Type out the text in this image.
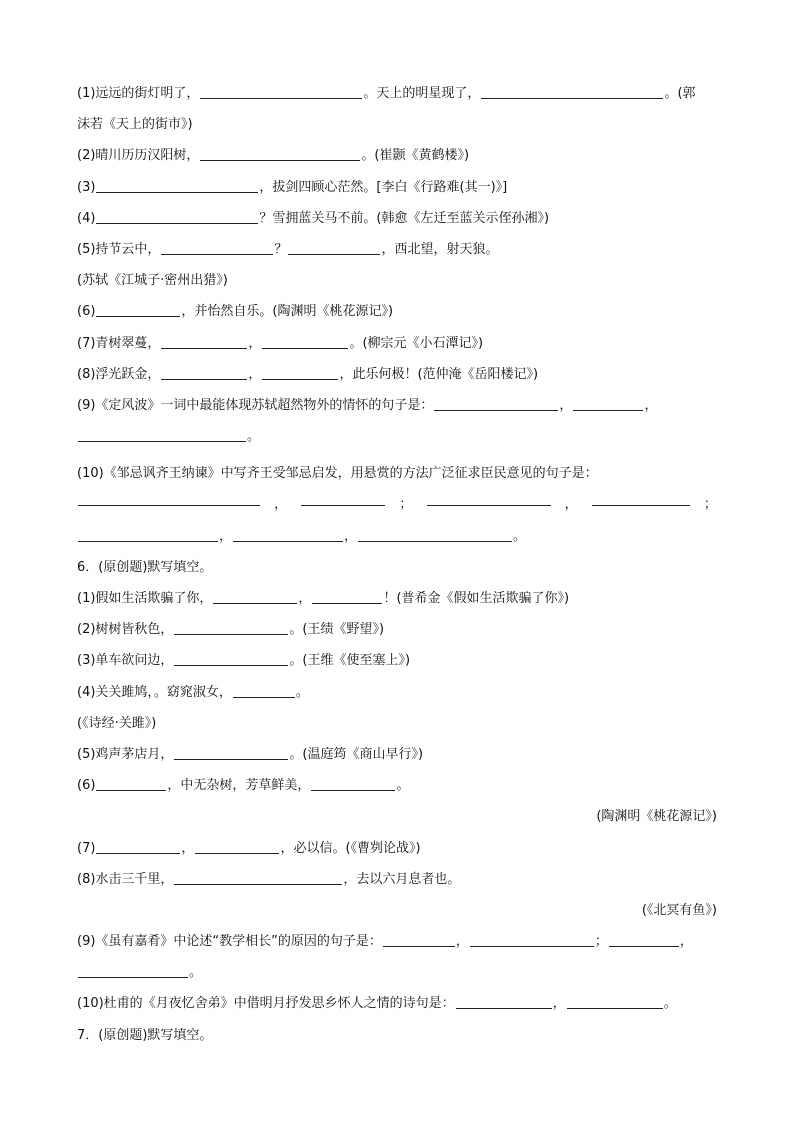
(1)远远的街灯明了，	。天上的明星现了，	。(郭
沫若《天上的街市》)
(2)晴川历历汉阳树，	。(崔颢《黄鹤楼》)
(3)	，拔剑四顾心茫然。[李白《行路难(其一)》]
(4)	？雪拥蓝关马不前。(韩愈《左迁至蓝关示侄孙湘》)
(5)持节云中，	？	，西北望，射天狼。
(苏轼《江城子·密州出猎》)
(6)	，并怡然自乐。(陶渊明《桃花源记》)
(7)青树翠蔓，	，	。(柳宗元《小石潭记》)
(8)浮光跃金，	，	，此乐何极！(范仲淹《岳阳楼记》)
(9)《定风波》一词中最能体现苏轼超然物外的情怀的句子是：	，	，
。
(10)《邹忌讽齐王纳谏》中写齐王受邹忌启发，用悬赏的方法广泛征求臣民意见的句子是：
，	；	，	；
，	，	。
6．(原创题)默写填空。
(1)假如生活欺骗了你，	，	！(普希金《假如生活欺骗了你》)
(2)树树皆秋色，	。(王绩《野望》)
(3)单车欲问边，	。(王维《使至塞上》)
(4)关关雎鸠，。窈窕淑女，	。
(《诗经·关雎》)
(5)鸡声茅店月，	。(温庭筠《商山早行》)
(6)	，中无杂树，芳草鲜美，	。
(陶渊明《桃花源记》)
(7)	，	，必以信。(《曹刿论战》)
(8)水击三千里，	，去以六月息者也。
(《北冥有鱼》)
(9)《虽有嘉肴》中论述“教学相长”的原因的句子是：	，	；	，
。
(10)杜甫的《月夜忆舍弟》中借明月抒发思乡怀人之情的诗句是：	，	。
7．(原创题)默写填空。
